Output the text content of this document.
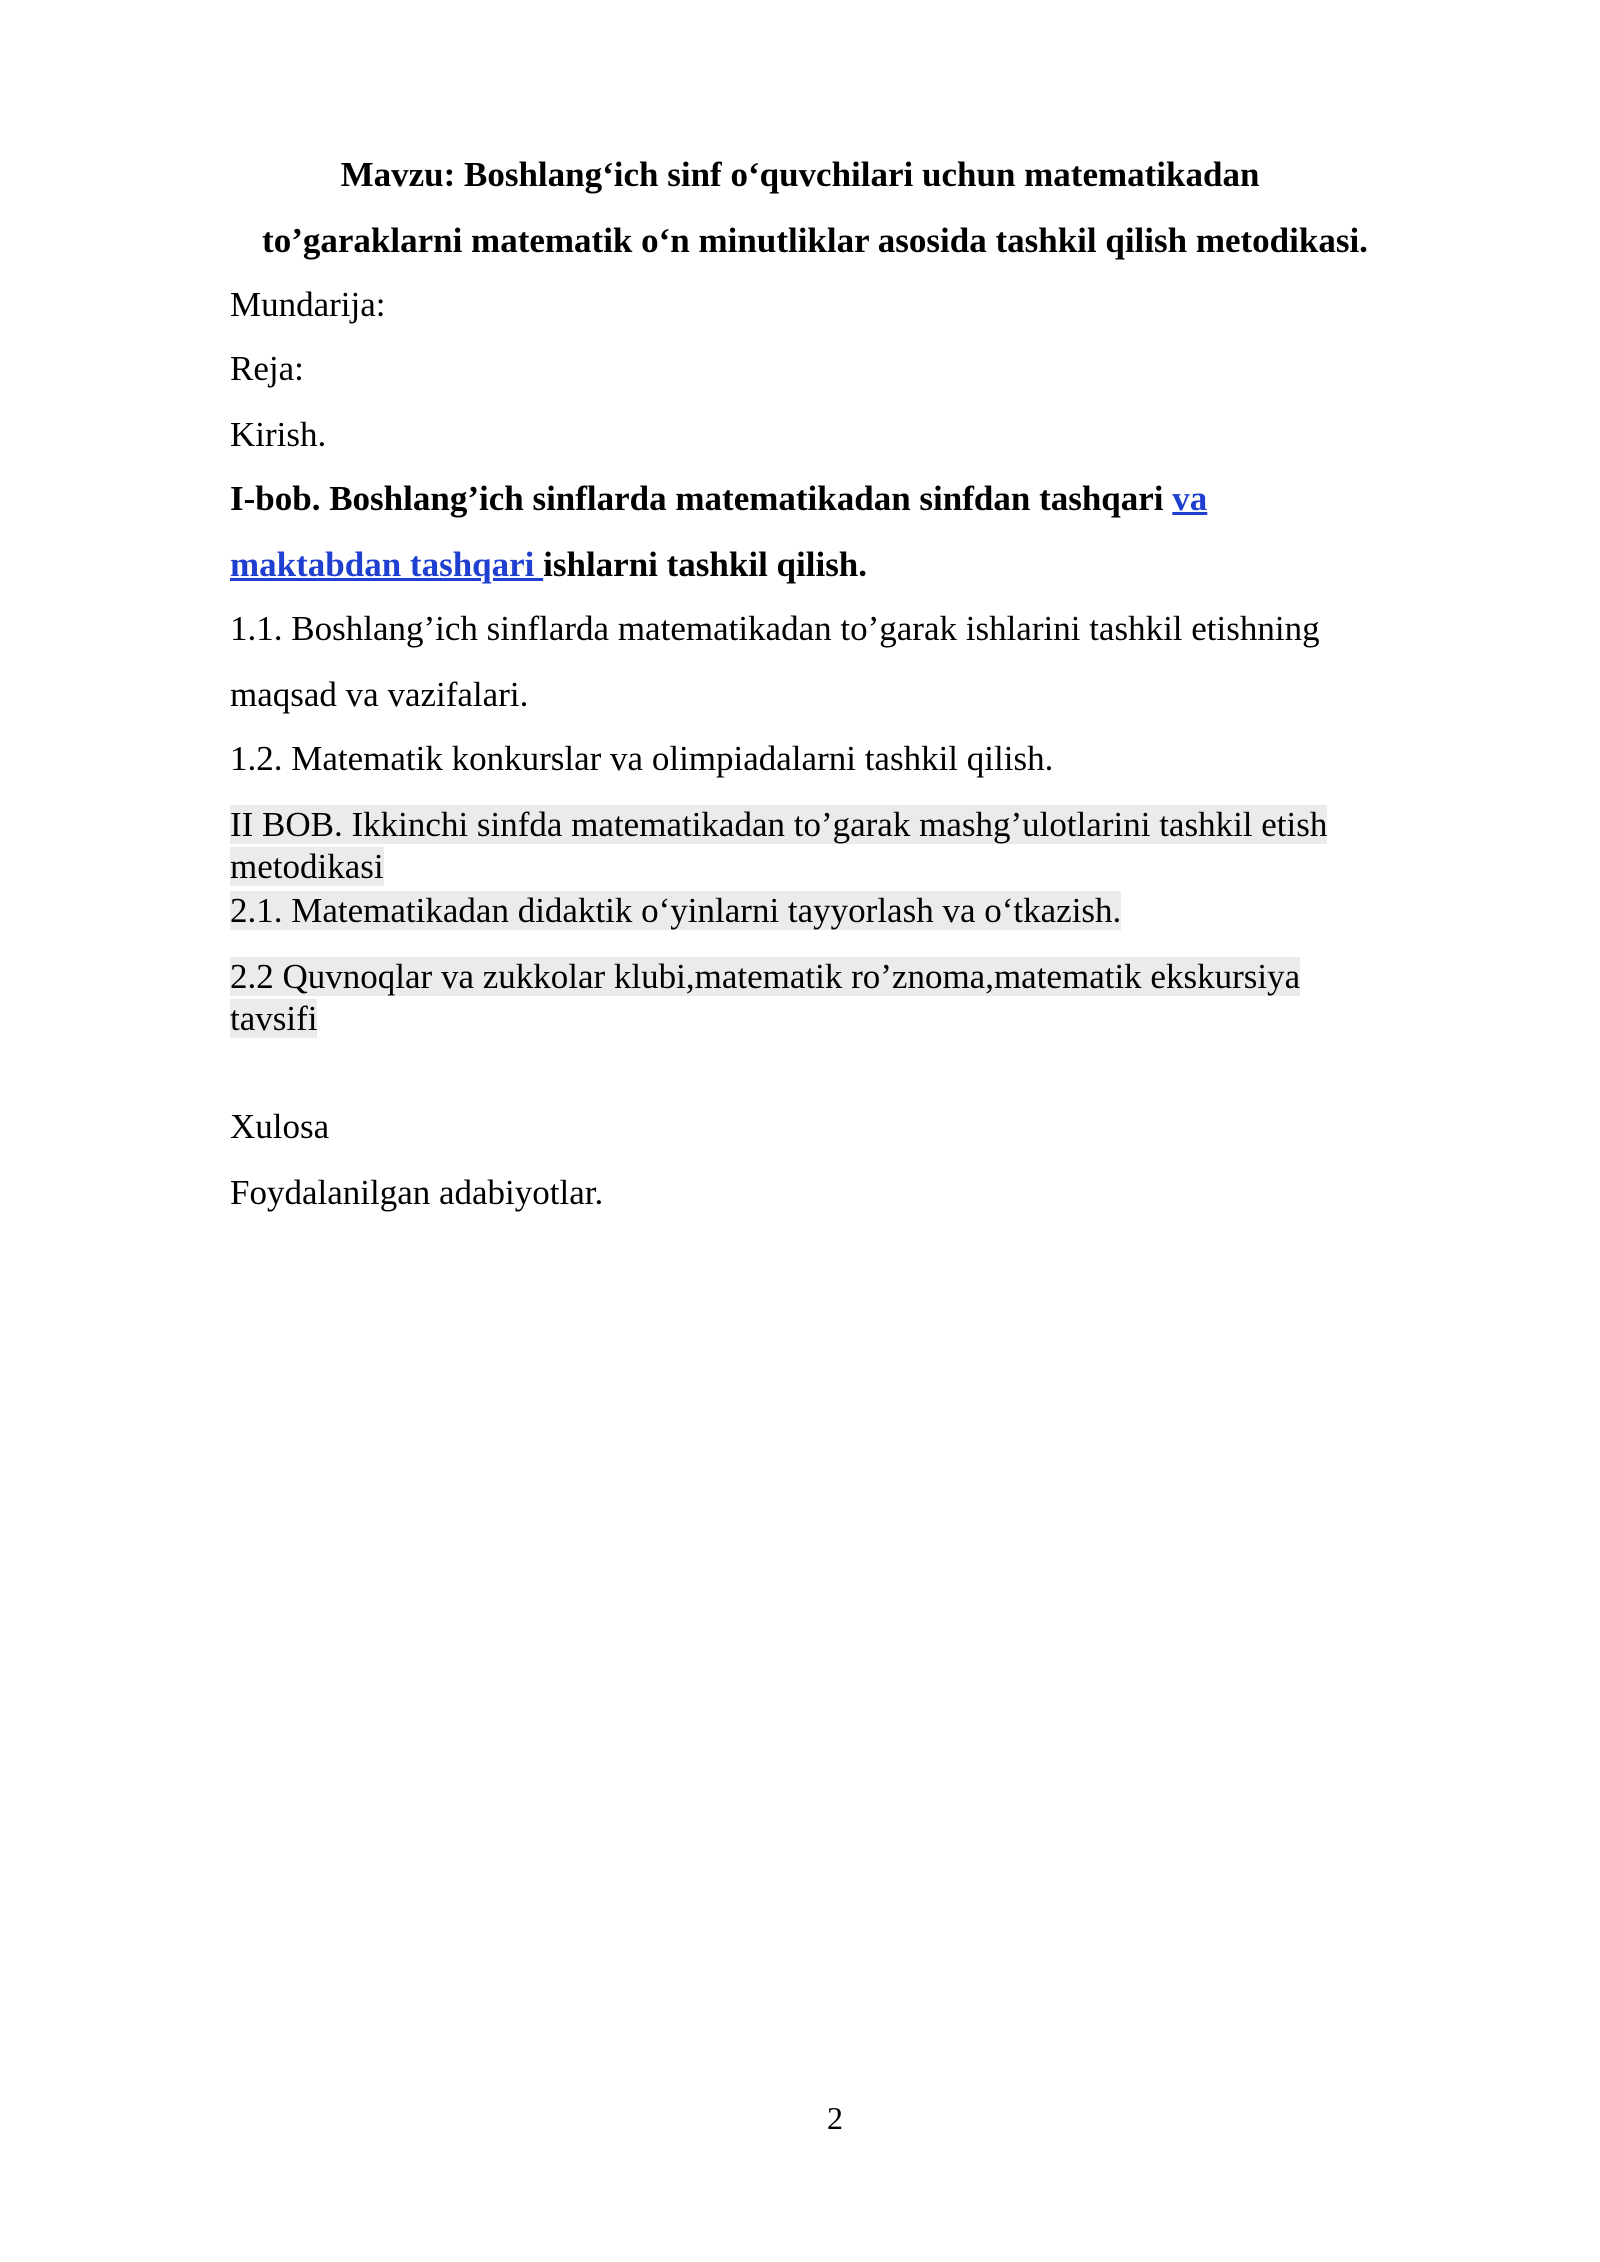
Mavzu: Boshlang‘ich sinf o‘quvchilari uchun matematikadan
to’garaklarni matematik o‘n minutliklar asosida tashkil qilish metodikasi.
Mundarija:
Reja:
Kirish.
I-bob. Boshlang’ich sinflarda matematikadan sinfdan tashqari va
maktabdan tashqari ishlarni tashkil qilish.
1.1. Boshlang’ich sinflarda matematikadan to’garak ishlarini tashkil etishning
maqsad va vazifalari.
1.2. Matematik konkurslar va olimpiadalarni tashkil qilish.
II BOB. Ikkinchi sinfda matematikadan to’garak mashg’ulotlarini tashkil etish
metodikasi
2.1. Matematikadan didaktik o‘yinlarni tayyorlash va o‘tkazish.
2.2 Quvnoqlar va zukkolar klubi,matematik ro’znoma,matematik ekskursiya
tavsifi
Xulosa
Foydalanilgan adabiyotlar.
2
